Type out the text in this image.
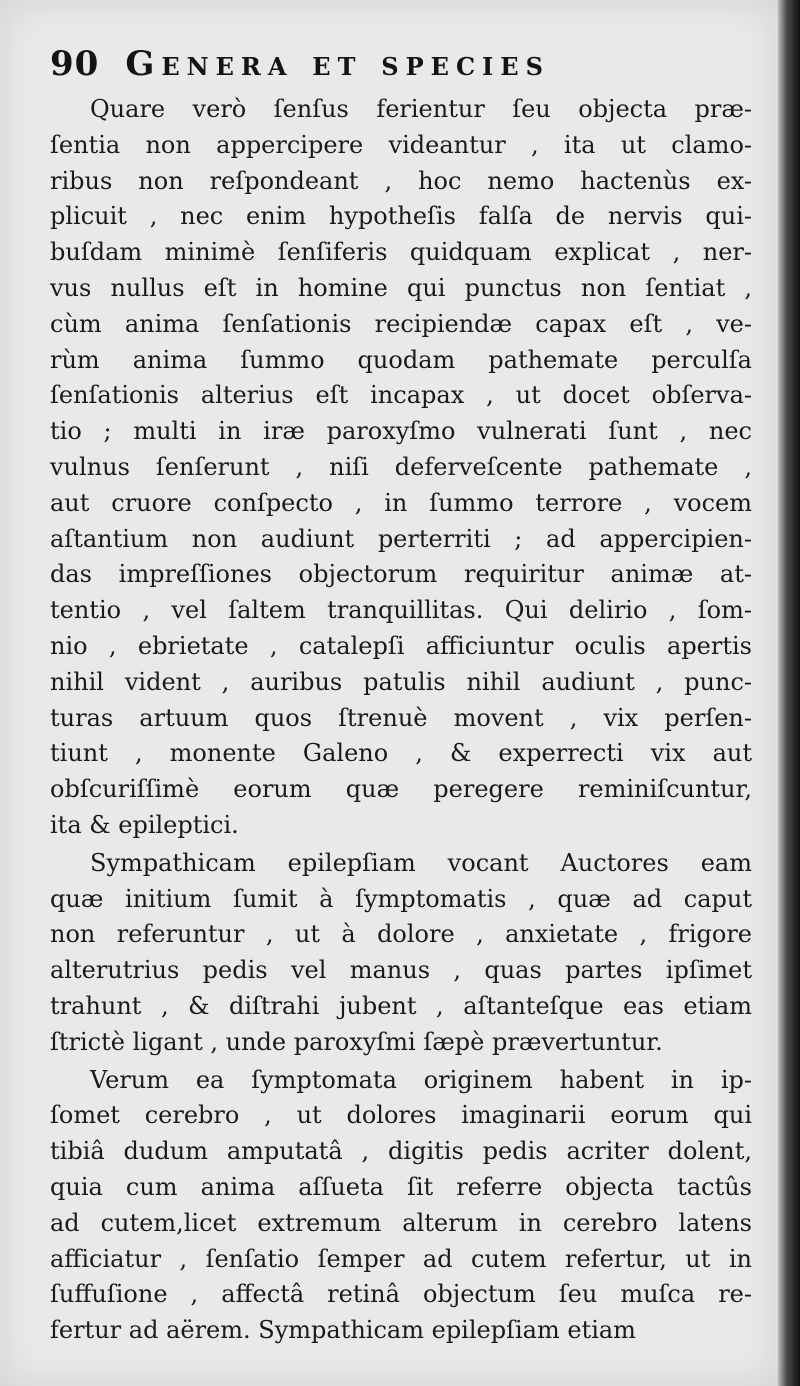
90 Genera et species
Quare verò ſenſus ferientur ſeu objecta præ-
ſentia non appercipere videantur , ita ut clamo-
ribus non reſpondeant , hoc nemo hactenùs ex-
plicuit , nec enim hypotheſis falſa de nervis qui-
buſdam minimè ſenſiferis quidquam explicat , ner-
vus nullus eſt in homine qui punctus non ſentiat ,
cùm anima ſenſationis recipiendæ capax eſt , ve-
rùm anima ſummo quodam pathemate perculſa
ſenſationis alterius eſt incapax , ut docet obſerva-
tio ; multi in iræ paroxyſmo vulnerati ſunt , nec
vulnus ſenſerunt , niſi deferveſcente pathemate ,
aut cruore conſpecto , in ſummo terrore , vocem
aſtantium non audiunt perterriti ; ad appercipien-
das impreſſiones objectorum requiritur animæ at-
tentio , vel ſaltem tranquillitas. Qui delirio , ſom-
nio , ebrietate , catalepſi afficiuntur oculis apertis
nihil vident , auribus patulis nihil audiunt , punc-
turas artuum quos ſtrenuè movent , vix perſen-
tiunt , monente Galeno , & experrecti vix aut
obſcuriſſimè eorum quæ peregere reminiſcuntur,
ita & epileptici.
Sympathicam epilepſiam vocant Auctores eam
quæ initium ſumit à ſymptomatis , quæ ad caput
non referuntur , ut à dolore , anxietate , frigore
alterutrius pedis vel manus , quas partes ipſimet
trahunt , & diſtrahi jubent , aſtanteſque eas etiam
ſtrictè ligant , unde paroxyſmi ſæpè prævertuntur.
Verum ea ſymptomata originem habent in ip-
ſomet cerebro , ut dolores imaginarii eorum qui
tibiâ dudum amputatâ , digitis pedis acriter dolent,
quia cum anima aſſueta ſit referre objecta tactûs
ad cutem,licet extremum alterum in cerebro latens
afficiatur , ſenſatio ſemper ad cutem refertur, ut in
ſuffuſione , affectâ retinâ objectum ſeu muſca re-
fertur ad aërem. Sympathicam epilepſiam etiam
